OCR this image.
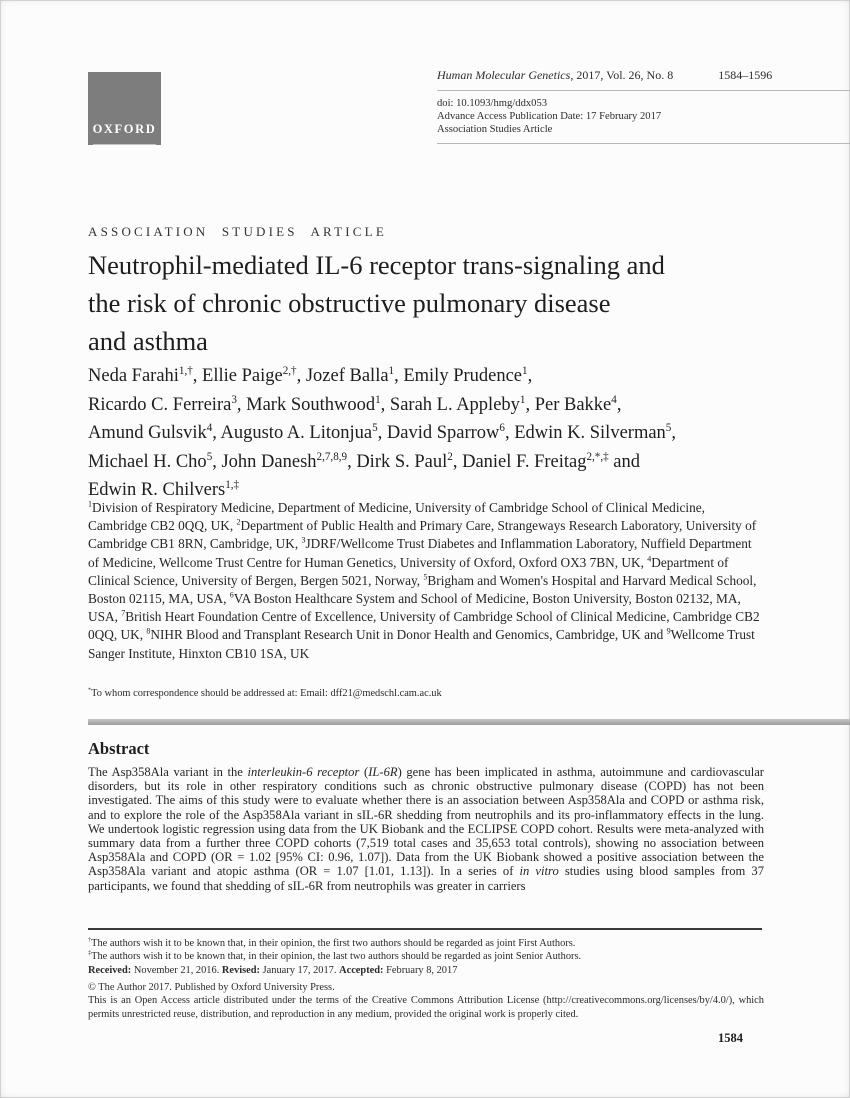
OXFORD
Human Molecular Genetics, 2017, Vol. 26, No. 8	1584–1596
doi: 10.1093/hmg/ddx053
Advance Access Publication Date: 17 February 2017
Association Studies Article
ASSOCIATION STUDIES ARTICLE
Neutrophil-mediated IL-6 receptor trans-signaling and
the risk of chronic obstructive pulmonary disease
and asthma
Neda Farahi$^{1,\dagger}$, Ellie Paige$^{2,\dagger}$, Jozef Balla$^1$, Emily Prudence$^1$,
Ricardo C. Ferreira$^3$, Mark Southwood$^1$, Sarah L. Appleby$^1$, Per Bakke$^4$,
Amund Gulsvik$^4$, Augusto A. Litonjua$^5$, David Sparrow$^6$, Edwin K. Silverman$^5$,
Michael H. Cho$^5$, John Danesh$^{2,7,8,9}$, Dirk S. Paul$^2$, Daniel F. Freitag$^{2,*,\ddagger}$ and
Edwin R. Chilvers$^{1,\ddagger}$
$^1$Division of Respiratory Medicine, Department of Medicine, University of Cambridge School of Clinical Medicine, Cambridge CB2 0QQ, UK, $^2$Department of Public Health and Primary Care, Strangeways Research Laboratory, University of Cambridge CB1 8RN, Cambridge, UK, $^3$JDRF/Wellcome Trust Diabetes and Inflammation Laboratory, Nuffield Department of Medicine, Wellcome Trust Centre for Human Genetics, University of Oxford, Oxford OX3 7BN, UK, $^4$Department of Clinical Science, University of Bergen, Bergen 5021, Norway, $^5$Brigham and Women's Hospital and Harvard Medical School, Boston 02115, MA, USA, $^6$VA Boston Healthcare System and School of Medicine, Boston University, Boston 02132, MA, USA, $^7$British Heart Foundation Centre of Excellence, University of Cambridge School of Clinical Medicine, Cambridge CB2 0QQ, UK, $^8$NIHR Blood and Transplant Research Unit in Donor Health and Genomics, Cambridge, UK and $^9$Wellcome Trust Sanger Institute, Hinxton CB10 1SA, UK
*To whom correspondence should be addressed at: Email: dff21@medschl.cam.ac.uk
Abstract
The Asp358Ala variant in the interleukin-6 receptor (IL-6R) gene has been implicated in asthma, autoimmune and cardiovascular disorders, but its role in other respiratory conditions such as chronic obstructive pulmonary disease (COPD) has not been investigated. The aims of this study were to evaluate whether there is an association between Asp358Ala and COPD or asthma risk, and to explore the role of the Asp358Ala variant in sIL-6R shedding from neutrophils and its pro-inflammatory effects in the lung. We undertook logistic regression using data from the UK Biobank and the ECLIPSE COPD cohort. Results were meta-analyzed with summary data from a further three COPD cohorts (7,519 total cases and 35,653 total controls), showing no association between Asp358Ala and COPD (OR = 1.02 [95% CI: 0.96, 1.07]). Data from the UK Biobank showed a positive association between the Asp358Ala variant and atopic asthma (OR = 1.07 [1.01, 1.13]). In a series of in vitro studies using blood samples from 37 participants, we found that shedding of sIL-6R from neutrophils was greater in carriers
†The authors wish it to be known that, in their opinion, the first two authors should be regarded as joint First Authors.
‡The authors wish it to be known that, in their opinion, the last two authors should be regarded as joint Senior Authors.
Received: November 21, 2016. Revised: January 17, 2017. Accepted: February 8, 2017
© The Author 2017. Published by Oxford University Press.
This is an Open Access article distributed under the terms of the Creative Commons Attribution License (http://creativecommons.org/licenses/by/4.0/), which permits unrestricted reuse, distribution, and reproduction in any medium, provided the original work is properly cited.
1584
